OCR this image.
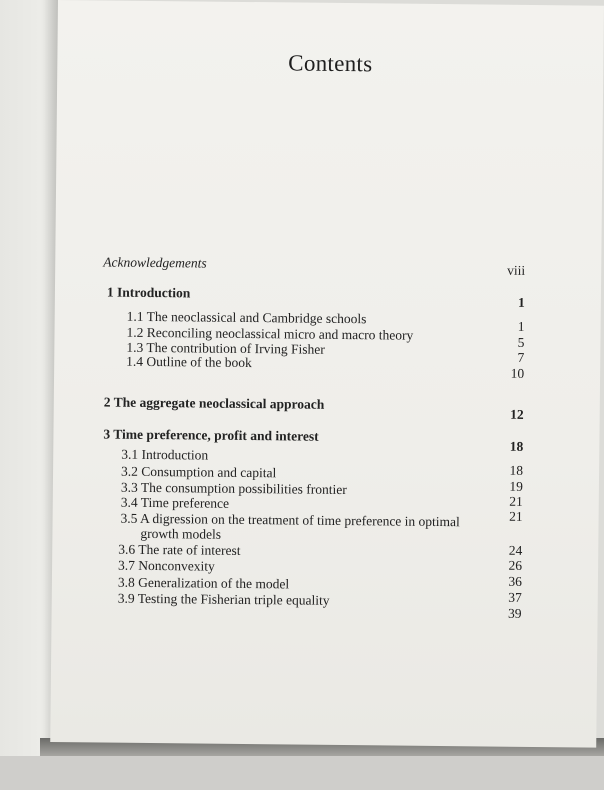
Contents
Acknowledgements	viii
1 Introduction
1
1.1 The neoclassical and Cambridge schools
1
1.2 Reconciling neoclassical micro and macro theory	5
1.3 The contribution of Irving Fisher
7
1.4 Outline of the book
10
2 The aggregate neoclassical approach
12
3 Time preference, profit and interest
18
3.1 Introduction
18
3.2 Consumption and capital
19
3.3 The consumption possibilities frontier
21
3.4 Time preference
21
3.5 A digression on the treatment of time preference in optimal
growth models
24
3.6 The rate of interest
26
3.7 Nonconvexity
36
3.8 Generalization of the model
37
3.9 Testing the Fisherian triple equality
39
